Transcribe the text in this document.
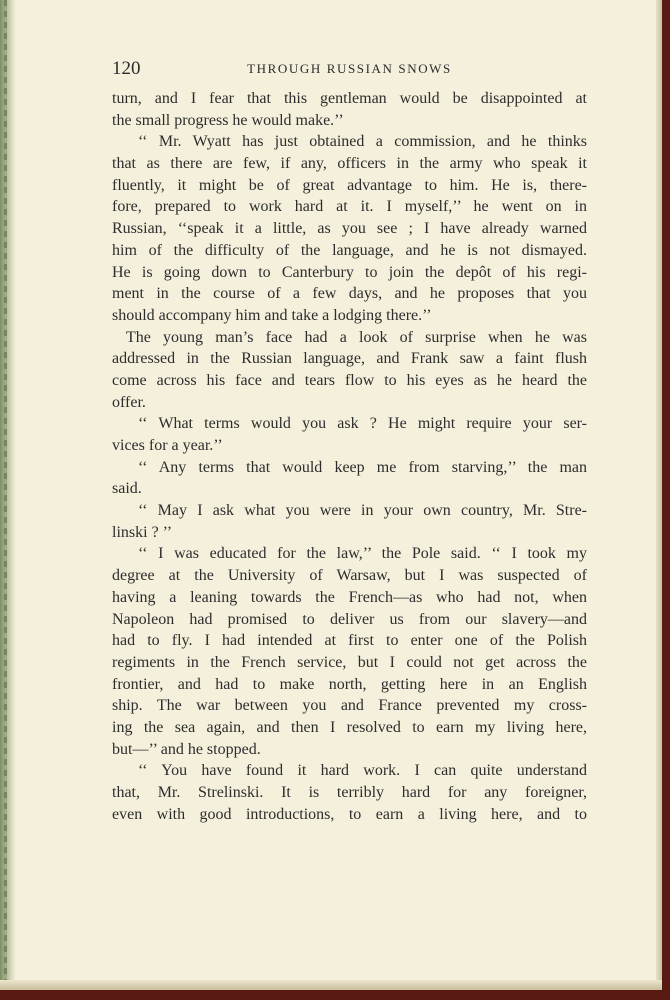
120	THROUGH RUSSIAN SNOWS
turn, and I fear that this gentleman would be disappointed at
the small progress he would make.’’
‘‘ Mr. Wyatt has just obtained a commission, and he thinks
that as there are few, if any, officers in the army who speak it
fluently, it might be of great advantage to him. He is, there-
fore, prepared to work hard at it. I myself,’’ he went on in
Russian, ‘‘speak it a little, as you see ; I have already warned
him of the difficulty of the language, and he is not dismayed.
He is going down to Canterbury to join the depôt of his regi-
ment in the course of a few days, and he proposes that you
should accompany him and take a lodging there.’’
The young man’s face had a look of surprise when he was
addressed in the Russian language, and Frank saw a faint flush
come across his face and tears flow to his eyes as he heard the
offer.
‘‘ What terms would you ask ? He might require your ser-
vices for a year.’’
‘‘ Any terms that would keep me from starving,’’ the man
said.
‘‘ May I ask what you were in your own country, Mr. Stre-
linski ? ’’
‘‘ I was educated for the law,’’ the Pole said. ‘‘ I took my
degree at the University of Warsaw, but I was suspected of
having a leaning towards the French—as who had not, when
Napoleon had promised to deliver us from our slavery—and
had to fly. I had intended at first to enter one of the Polish
regiments in the French service, but I could not get across the
frontier, and had to make north, getting here in an English
ship. The war between you and France prevented my cross-
ing the sea again, and then I resolved to earn my living here,
but—’’ and he stopped.
‘‘ You have found it hard work. I can quite understand
that, Mr. Strelinski. It is terribly hard for any foreigner,
even with good introductions, to earn a living here, and to
